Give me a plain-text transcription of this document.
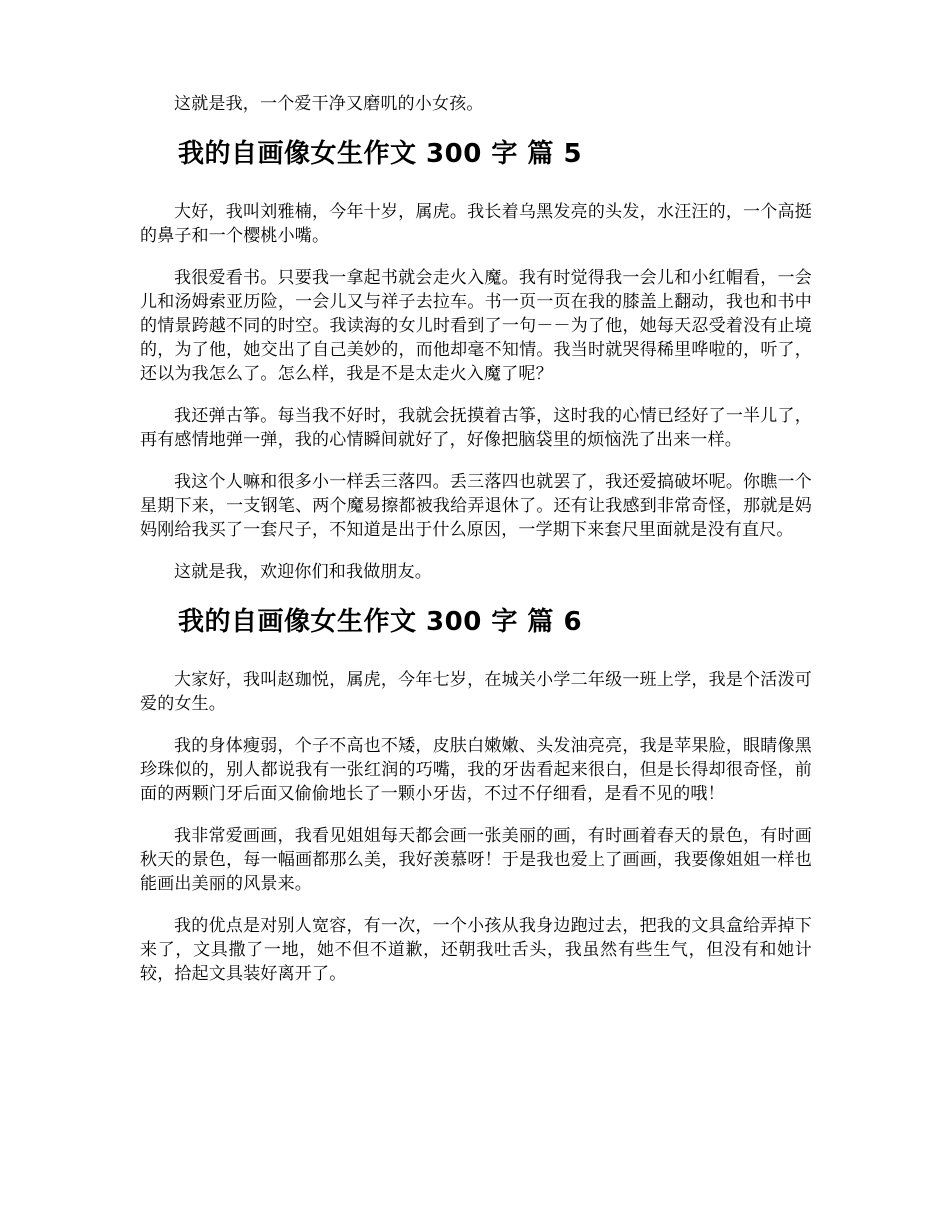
这就是我，一个爱干净又磨叽的小女孩。

我的自画像女生作文 300 字 篇 5

大好，我叫刘雅楠，今年十岁，属虎。我长着乌黑发亮的头发，水汪汪的，一个高挺的鼻子和一个樱桃小嘴。

我很爱看书。只要我一拿起书就会走火入魔。我有时觉得我一会儿和小红帽看，一会儿和汤姆索亚历险，一会儿又与祥子去拉车。书一页一页在我的膝盖上翻动，我也和书中的情景跨越不同的时空。我读海的女儿时看到了一句－－为了他，她每天忍受着没有止境的，为了他，她交出了自己美妙的，而他却毫不知情。我当时就哭得稀里哗啦的，听了，还以为我怎么了。怎么样，我是不是太走火入魔了呢？

我还弹古筝。每当我不好时，我就会抚摸着古筝，这时我的心情已经好了一半儿了，再有感情地弹一弹，我的心情瞬间就好了，好像把脑袋里的烦恼洗了出来一样。

我这个人嘛和很多小一样丢三落四。丢三落四也就罢了，我还爱搞破坏呢。你瞧一个星期下来，一支钢笔、两个魔易擦都被我给弄退休了。还有让我感到非常奇怪，那就是妈妈刚给我买了一套尺子，不知道是出于什么原因，一学期下来套尺里面就是没有直尺。

这就是我，欢迎你们和我做朋友。

我的自画像女生作文 300 字 篇 6

大家好，我叫赵珈悦，属虎，今年七岁，在城关小学二年级一班上学，我是个活泼可爱的女生。

我的身体瘦弱，个子不高也不矮，皮肤白嫩嫩、头发油亮亮，我是苹果脸，眼睛像黑珍珠似的，别人都说我有一张红润的巧嘴，我的牙齿看起来很白，但是长得却很奇怪，前面的两颗门牙后面又偷偷地长了一颗小牙齿，不过不仔细看，是看不见的哦！

我非常爱画画，我看见姐姐每天都会画一张美丽的画，有时画着春天的景色，有时画秋天的景色，每一幅画都那么美，我好羡慕呀！于是我也爱上了画画，我要像姐姐一样也能画出美丽的风景来。

我的优点是对别人宽容，有一次，一个小孩从我身边跑过去，把我的文具盒给弄掉下来了，文具撒了一地，她不但不道歉，还朝我吐舌头，我虽然有些生气，但没有和她计较，拾起文具装好离开了。
